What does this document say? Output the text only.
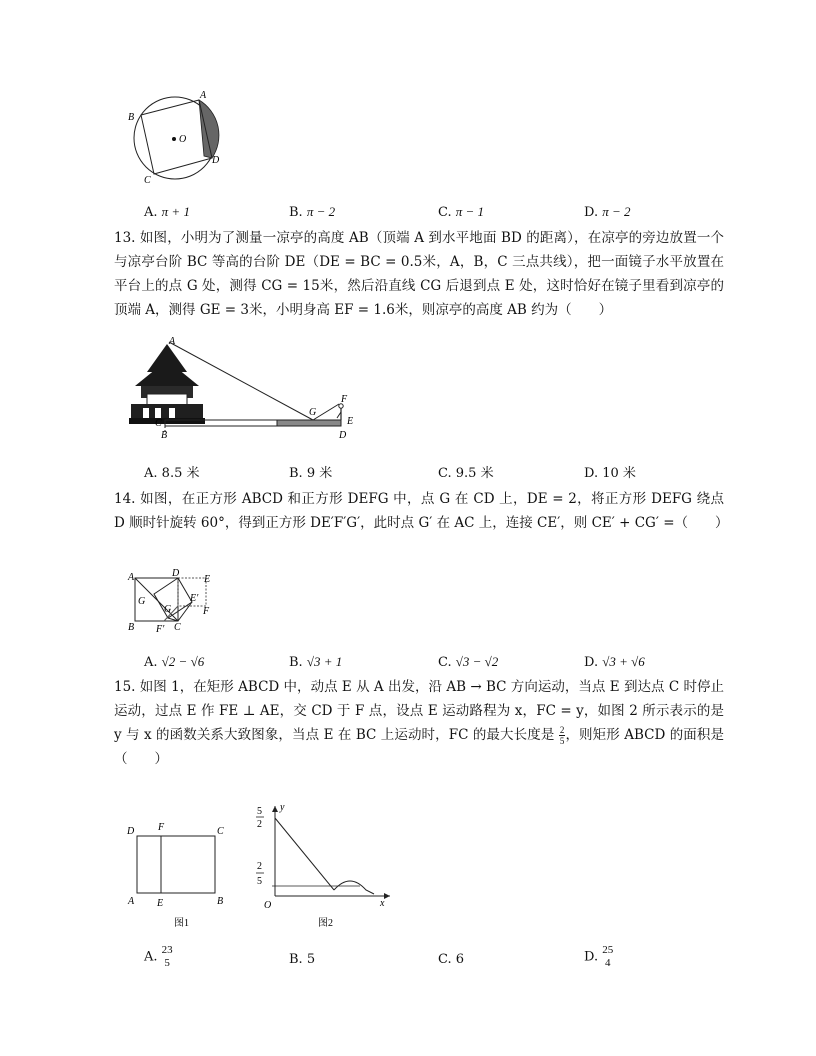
O
A
B
C
D
A. π + 1	B. π − 2	C. π − 1	D. π − 2
13. 如图，小明为了测量一凉亭的高度 AB（顶端 A 到水平地面 BD 的距离），在凉亭的旁边放置一个与凉亭台阶 BC 等高的台阶 DE（DE = BC = 0.5米，A，B，C 三点共线），把一面镜子水平放置在平台上的点 G 处，测得 CG = 15米，然后沿直线 CG 后退到点 E 处，这时恰好在镜子里看到凉亭的顶端 A，测得 GE = 3米，小明身高 EF = 1.6米，则凉亭的高度 AB 约为（　　）
A
B
C
D
E
F
G
A. 8.5 米	B. 9 米	C. 9.5 米	D. 10 米
14. 如图，在正方形 ABCD 和正方形 DEFG 中，点 G 在 CD 上，DE = 2，将正方形 DEFG 绕点 D 顺时针旋转 60°，得到正方形 DE′F′G′，此时点 G′ 在 AC 上，连接 CE′，则 CE′ + CG′ =（　　）
A	D
E
G
G
E′
F
B F′ C
A. √2 − √6	B. √3 + 1	C. √3 − √2	D. √3 + √6
15. 如图 1，在矩形 ABCD 中，动点 E 从 A 出发，沿 AB → BC 方向运动，当点 E 到达点 C 时停止运动，过点 E 作 FE ⊥ AE，交 CD 于 F 点，设点 E 运动路程为 x，FC = y，如图 2 所示表示的是 y 与 x 的函数关系大致图象，当点 E 在 BC 上运动时，FC 的最大长度是 $\frac{2}{5}$ ，则矩形 ABCD 的面积是（　　）
D F	C
A E	B
图1
y
x
O
5
2
2
5
图2
A. 23
5	B. 5	C. 6	D. 25
4
